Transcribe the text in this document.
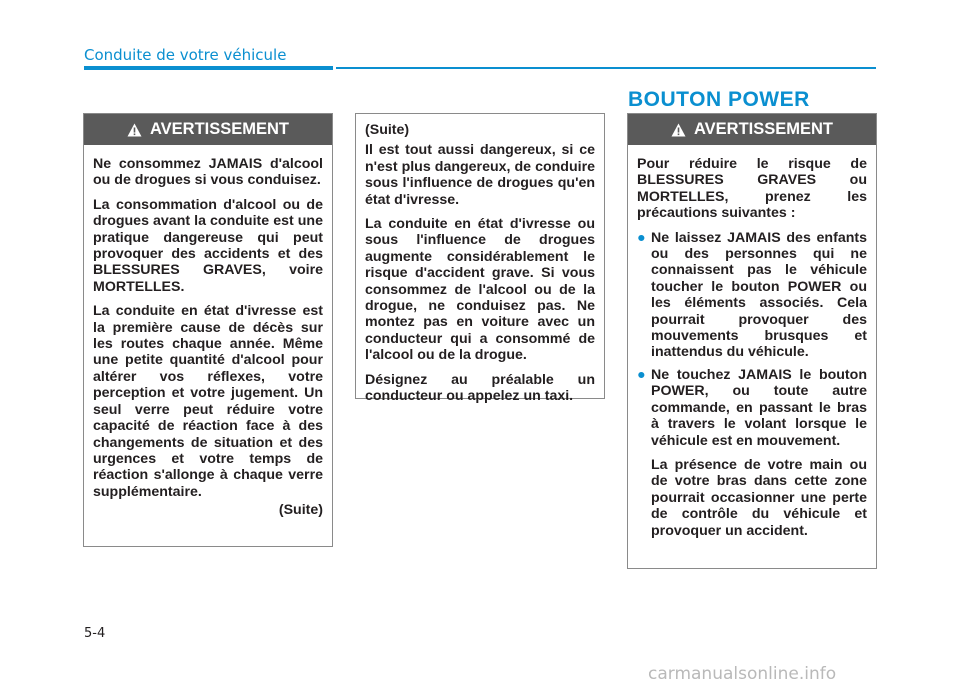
Conduite de votre véhicule
BOUTON POWER
AVERTISSEMENT

Ne consommez JAMAIS d'alcool ou de drogues si vous conduisez.

La consommation d'alcool ou de drogues avant la conduite est une pratique dangereuse qui peut provoquer des accidents et des BLESSURES GRAVES, voire MORTELLES.

La conduite en état d'ivresse est la première cause de décès sur les routes chaque année. Même une petite quantité d'alcool pour altérer vos réflexes, votre perception et votre jugement. Un seul verre peut réduire votre capacité de réaction face à des changements de situation et des urgences et votre temps de réaction s'allonge à chaque verre supplémentaire.

(Suite)

(Suite)

Il est tout aussi dangereux, si ce n'est plus dangereux, de conduire sous l'influence de drogues qu'en état d'ivresse.

La conduite en état d'ivresse ou sous l'influence de drogues augmente considérablement le risque d'accident grave. Si vous consommez de l'alcool ou de la drogue, ne conduisez pas. Ne montez pas en voiture avec un conducteur qui a consommé de l'alcool ou de la drogue.

Désignez au préalable un conducteur ou appelez un taxi.

AVERTISSEMENT

Pour réduire le risque de BLESSURES GRAVES ou MORTELLES, prenez les précautions suivantes :

● Ne laissez JAMAIS des enfants ou des personnes qui ne connaissent pas le véhicule toucher le bouton POWER ou les éléments associés. Cela pourrait provoquer des mouvements brusques et inattendus du véhicule.
● Ne touchez JAMAIS le bouton POWER, ou toute autre commande, en passant le bras à travers le volant lorsque le véhicule est en mouvement.

La présence de votre main ou de votre bras dans cette zone pourrait occasionner une perte de contrôle du véhicule et provoquer un accident.

5-4
carmanualsonline.info
